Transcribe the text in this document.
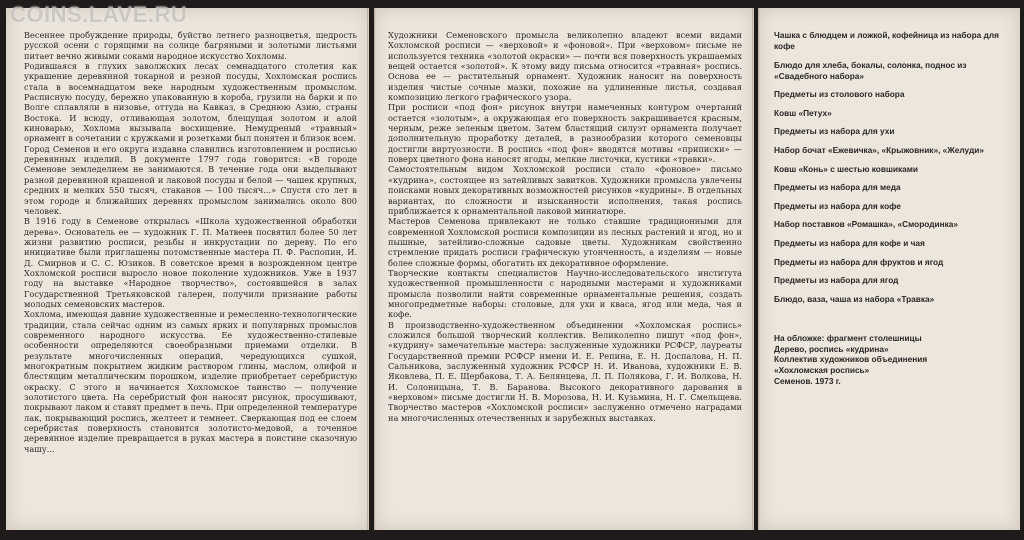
Весеннее пробуждение природы, буйство летнего разноцветья, щедрость русской осени с горящими на солнце багряными и золотыми листьями питает вечно живыми соками народное искусство Хохломы.

Родившаяся в глухих заволжских лесах семнадцатого столетия как украшение деревянной токарной и резной посуды, Хохломская роспись стала в восемнадцатом веке народным художественным промыслом. Расписную посуду, бережно упакованную в короба, грузили на барки и по Волге сплавляли в низовье, оттуда на Кавказ, в Среднюю Азию, страны Востока. И всюду, отливающая золотом, блещущая золотом и алой киноварью, Хохлома вызывала восхищение. Немудреный «травный» орнамент в сочетании с кружками и розетками был понятен и близок всем.

Город Семенов и его округа издавна славились изготовлением и росписью деревянных изделий. В документе 1797 года говорится: «В городе Семенове земледелием не занимаются. В течение года они выделывают разной деревянной крашеной и лаковой посуды и белой — чашек крупных, средних и мелких 550 тысяч, стаканов — 100 тысяч...» Спустя сто лет в этом городе и ближайших деревнях промыслом занимались около 800 человек.

В 1916 году в Семенове открылась «Школа художественной обработки дерева». Основатель ее — художник Г. П. Матвеев посвятил более 50 лет жизни развитию росписи, резьбы и инкрустации по дереву. По его инициативе были приглашены потомственные мастера П. Ф. Распопин, И. Д. Смирнов и С. С. Юзиков. В советское время в возрожденном центре Хохломской росписи выросло новое поколение художников. Уже в 1937 году на выставке «Народное творчество», состоявшейся в залах Государственной Третьяковской галереи, получили признание работы молодых семеновских мастеров.

Хохлома, имеющая давние художественные и ремесленно-технологические традиции, стала сейчас одним из самых ярких и популярных промыслов современного народного искусства. Ее художественно-стилевые особенности определяются своеобразными приемами отделки. В результате многочисленных операций, чередующихся сушкой, многократным покрытием жидким раствором глины, маслом, олифой и блестящим металлическим порошком, изделие приобретает серебристую окраску. С этого и начинается Хохломское таинство — получение золотистого цвета. На серебристый фон наносят рисунок, просушивают, покрывают лаком и ставят предмет в печь. При определенной температуре лак, покрывающий роспись, желтеет и темнеет. Сверкающая под ее слоем серебристая поверхность становится золотисто-медовой, а точенное деревянное изделие превращается в руках мастера в поистине сказочную чашу...

Художники Семеновского промысла великолепно владеют всеми видами Хохломской росписи — «верховой» и «фоновой». При «верховом» письме не используется техника «золотой окраски» — почти вся поверхность украшаемых вещей остается «золотой». К этому виду письма относится «травная» роспись. Основа ее — растительный орнамент. Художник наносит на поверхность изделия чистые сочные мазки, похожие на удлиненные листья, создавая композицию легкого графического узора.

При росписи «под фон» рисунок внутри намеченных контуром очертаний остается «золотым», а окружающая его поверхность закрашивается красным, черным, реже зеленым цветом. Затем бластящий силуэт орнамента получает дополнительную проработку деталей, в разнообразии которого семеновцы достигли виртуозности. В роспись «под фон» вводятся мотивы «приписки» — поверх цветного фона наносят ягоды, мелкие листочки, кустики «травки».

Самостоятельным видом Хохломской росписи стало «фоновое» письмо «кудрина», состоящее из затейливых завитков. Художники промысла увлечены поисками новых декоративных возможностей рисунков «кудрины». В отдельных вариантах, по сложности и изысканности исполнения, такая роспись приближается к орнаментальной лаковой миниатюре.

Мастеров Семенова привлекают не только ставшие традиционными для современной Хохломской росписи композиции из лесных растений и ягод, но и пышные, затейливо-сложные садовые цветы. Художникам свойственно стремление придать росписи графическую утонченность, а изделиям — новые более сложные формы, обогатить их декоративное оформление.

Творческие контакты специалистов Научно-исследовательского института художественной промышленности с народными мастерами и художниками промысла позволили найти современные орнаментальные решения, создать многопредметные наборы: столовые, для ухи и кваса, ягод или меда, чая и кофе.

В производственно-художественном объединении «Хохломская роспись» сложился большой творческий коллектив. Великолепно пишут «под фон», «кудрину» замечательные мастера: заслуженные художники РСФСР, лауреаты Государственной премии РСФСР имени И. Е. Репина, Е. Н. Доспалова, Н. П. Сальникова, заслуженный художник РСФСР Н. И. Иванова, художники Е. В. Яковлева, П. Е. Щербакова, Т. А. Белянцева, Л. П. Полякова, Г. И. Волкова, Н. И. Солоницына, Т. В. Баранова. Высокого декоративного дарования в «верховом» письме достигли Н. В. Морозова, Н. И. Кузьмина, Н. Г. Смельщева. Творчество мастеров «Хохломской росписи» заслуженно отмечено наградами на многочисленных отечественных и зарубежных выставках.

Чашка с блюдцем и ложкой, кофейница из набора для кофе
Блюдо для хлеба, бокалы, солонка, поднос из «Свадебного набора»
Предметы из столового набора
Ковш «Петух»
Предметы из набора для ухи
Набор бочат «Ежевичка», «Крыжовник», «Желуди»
Ковш «Конь» с шестью ковшиками
Предметы из набора для меда
Предметы из набора для кофе
Набор поставков «Ромашка», «Смородинка»
Предметы из набора для кофе и чая
Предметы из набора для фруктов и ягод
Предметы из набора для ягод
Блюдо, ваза, чаша из набора «Травка»
На обложке: фрагмент столешницы
Дерево, роспись «кудрина»
Коллектив художников объединения
«Хохломская роспись»
Семенов. 1973 г.
COINS.LAVE.RU
